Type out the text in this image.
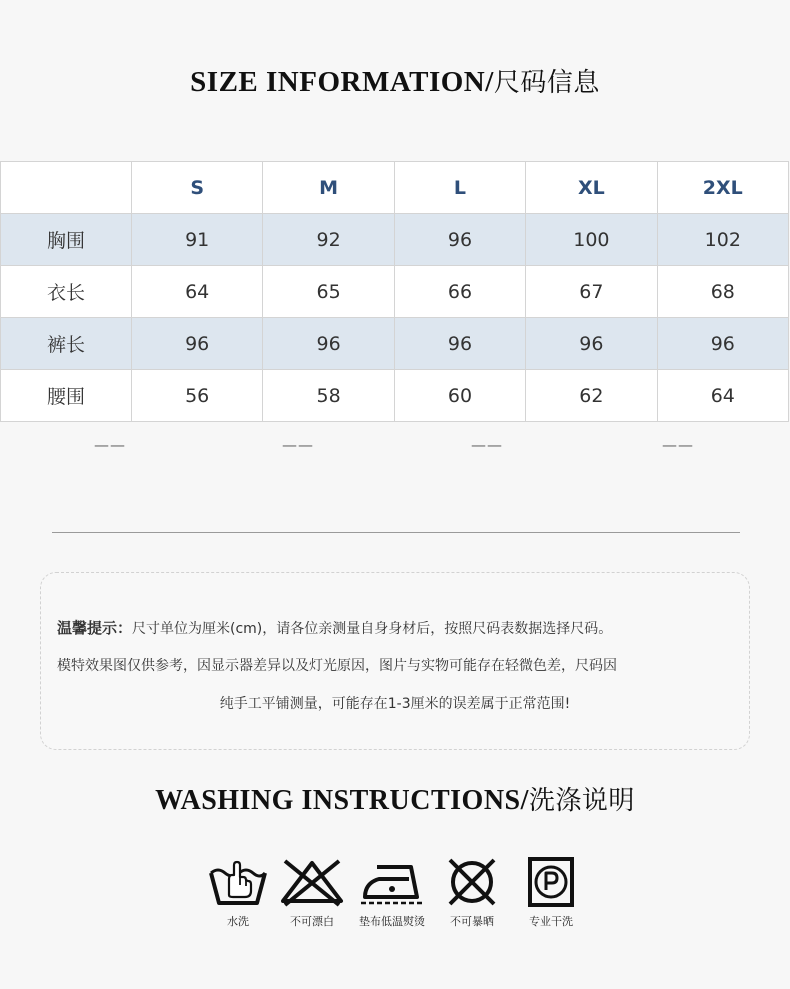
SIZE INFORMATION/尺码信息
	S	M	L	XL	2XL
胸围	91	92	96	100	102
衣长	64	65	66	67	68
裤长	96	96	96	96	96
腰围	56	58	60	62	64
——	——	——	——

温馨提示：尺寸单位为厘米(cm)，请各位亲测量自身身材后，按照尺码表数据选择尺码。

模特效果图仅供参考，因显示器差异以及灯光原因，图片与实物可能存在轻微色差，尺码因

纯手工平铺测量，可能存在1-3厘米的误差属于正常范围!

WASHING INSTRUCTIONS/洗涤说明
水洗	不可漂白	垫布低温熨烫	不可暴晒	专业干洗
